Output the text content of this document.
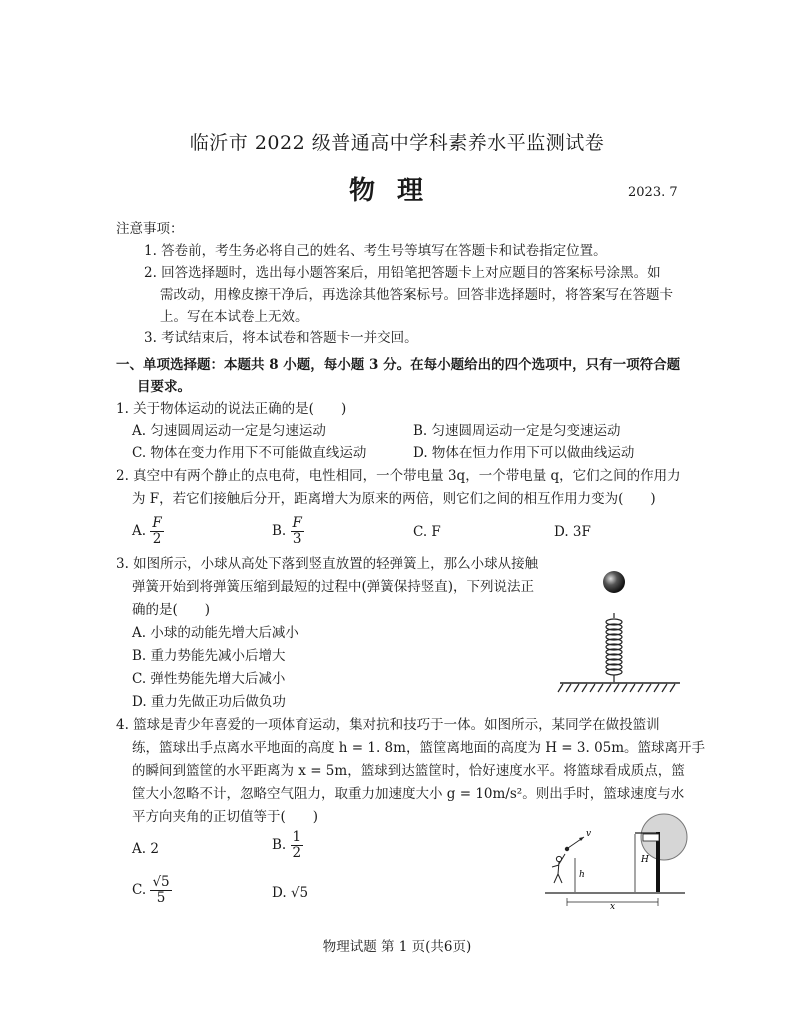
临沂市 2022 级普通高中学科素养水平监测试卷
物理	2023. 7
注意事项：
1. 答卷前，考生务必将自己的姓名、考生号等填写在答题卡和试卷指定位置。
2. 回答选择题时，选出每小题答案后，用铅笔把答题卡上对应题目的答案标号涂黑。如
需改动，用橡皮擦干净后，再选涂其他答案标号。回答非选择题时，将答案写在答题卡
上。写在本试卷上无效。
3. 考试结束后，将本试卷和答题卡一并交回。
一、单项选择题：本题共 8 小题，每小题 3 分。在每小题给出的四个选项中，只有一项符合题
目要求。
1. 关于物体运动的说法正确的是(　　)
A. 匀速圆周运动一定是匀速运动	B. 匀速圆周运动一定是匀变速运动
C. 物体在变力作用下不可能做直线运动	D. 物体在恒力作用下可以做曲线运动
2. 真空中有两个静止的点电荷，电性相同，一个带电量 3q，一个带电量 q，它们之间的作用力
为 F，若它们接触后分开，距离增大为原来的两倍，则它们之间的相互作用力变为(　　)
A. $\frac{F}{2}$	B. $\frac{F}{3}$	C. F	D. 3F
3. 如图所示，小球从高处下落到竖直放置的轻弹簧上，那么小球从接触
弹簧开始到将弹簧压缩到最短的过程中(弹簧保持竖直)，下列说法正
确的是(　　)
A. 小球的动能先增大后减小
B. 重力势能先减小后增大
C. 弹性势能先增大后减小
D. 重力先做正功后做负功
4. 篮球是青少年喜爱的一项体育运动，集对抗和技巧于一体。如图所示，某同学在做投篮训
练，篮球出手点离水平地面的高度 h = 1. 8m，篮筐离地面的高度为 H = 3. 05m。篮球离开手
的瞬间到篮筐的水平距离为 x = 5m，篮球到达篮筐时，恰好速度水平。将篮球看成质点，篮
筐大小忽略不计，忽略空气阻力，取重力加速度大小 g = 10m/s²。则出手时，篮球速度与水
平方向夹角的正切值等于(　　)
A. 2	B. $\frac{1}{2}$
C. $\frac{√5}{5}$	D. √5
H
h
v
x
物理试题 第 1 页(共6页)
